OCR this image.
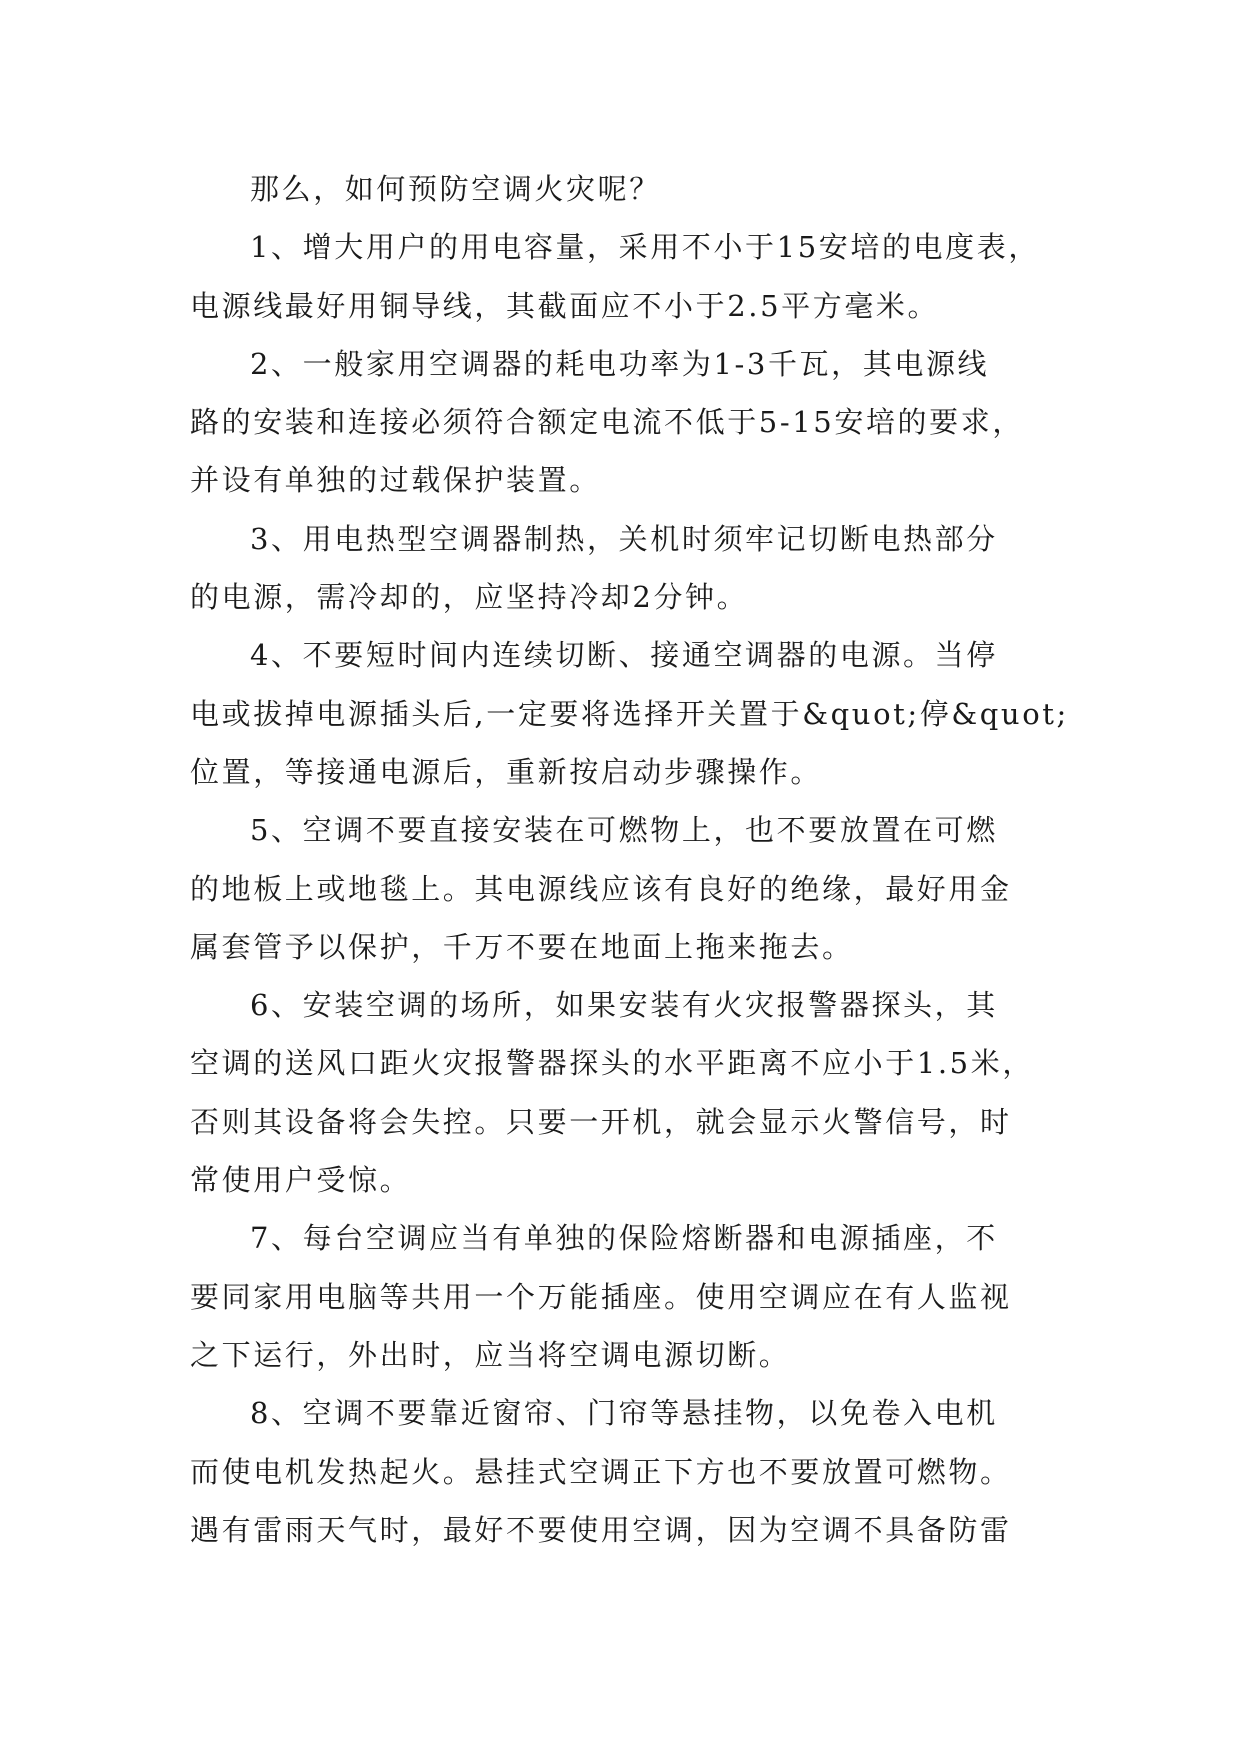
那么，如何预防空调火灾呢？

1、增大用户的用电容量，采用不小于15安培的电度表，

电源线最好用铜导线，其截面应不小于2.5平方毫米。

2、一般家用空调器的耗电功率为1-3千瓦，其电源线

路的安装和连接必须符合额定电流不低于5-15安培的要求，

并设有单独的过载保护装置。

3、用电热型空调器制热，关机时须牢记切断电热部分

的电源，需冷却的，应坚持冷却2分钟。

4、不要短时间内连续切断、接通空调器的电源。当停

电或拔掉电源插头后,一定要将选择开关置于&quot;停&quot;

位置，等接通电源后，重新按启动步骤操作。

5、空调不要直接安装在可燃物上，也不要放置在可燃

的地板上或地毯上。其电源线应该有良好的绝缘，最好用金

属套管予以保护，千万不要在地面上拖来拖去。

6、安装空调的场所，如果安装有火灾报警器探头，其

空调的送风口距火灾报警器探头的水平距离不应小于1.5米，

否则其设备将会失控。只要一开机，就会显示火警信号，时

常使用户受惊。

7、每台空调应当有单独的保险熔断器和电源插座，不

要同家用电脑等共用一个万能插座。使用空调应在有人监视

之下运行，外出时，应当将空调电源切断。

8、空调不要靠近窗帘、门帘等悬挂物，以免卷入电机

而使电机发热起火。悬挂式空调正下方也不要放置可燃物。

遇有雷雨天气时，最好不要使用空调，因为空调不具备防雷
